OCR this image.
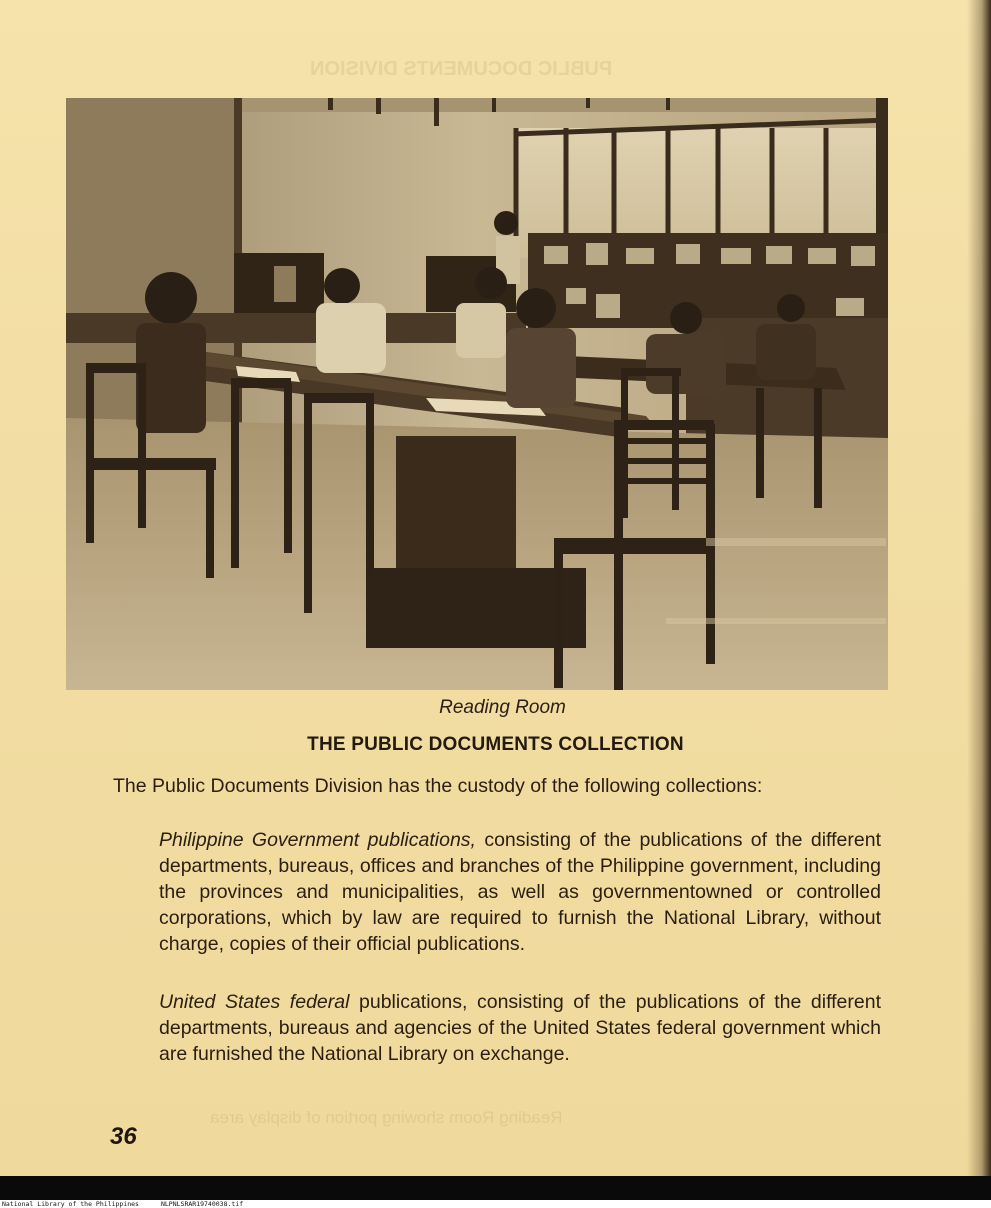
PUBLIC DOCUMENTS DIVISION
Reading Room showing portion of display area
Reading Room
THE PUBLIC DOCUMENTS COLLECTION
The Public Documents Division has the custody of the following collections:
Philippine Government publications, consisting of the publications of the different departments, bureaus, offices and branches of the Philippine government, including the provinces and municipalities, as well as governmentowned or controlled corporations, which by law are required to furnish the National Library, without charge, copies of their official publications.
United States federal publications, consisting of the publications of the different departments, bureaus and agencies of the United States federal government which are furnished the National Library on exchange.
36
National Library of the Philippines	NLPNLSRAR19740038.tif
